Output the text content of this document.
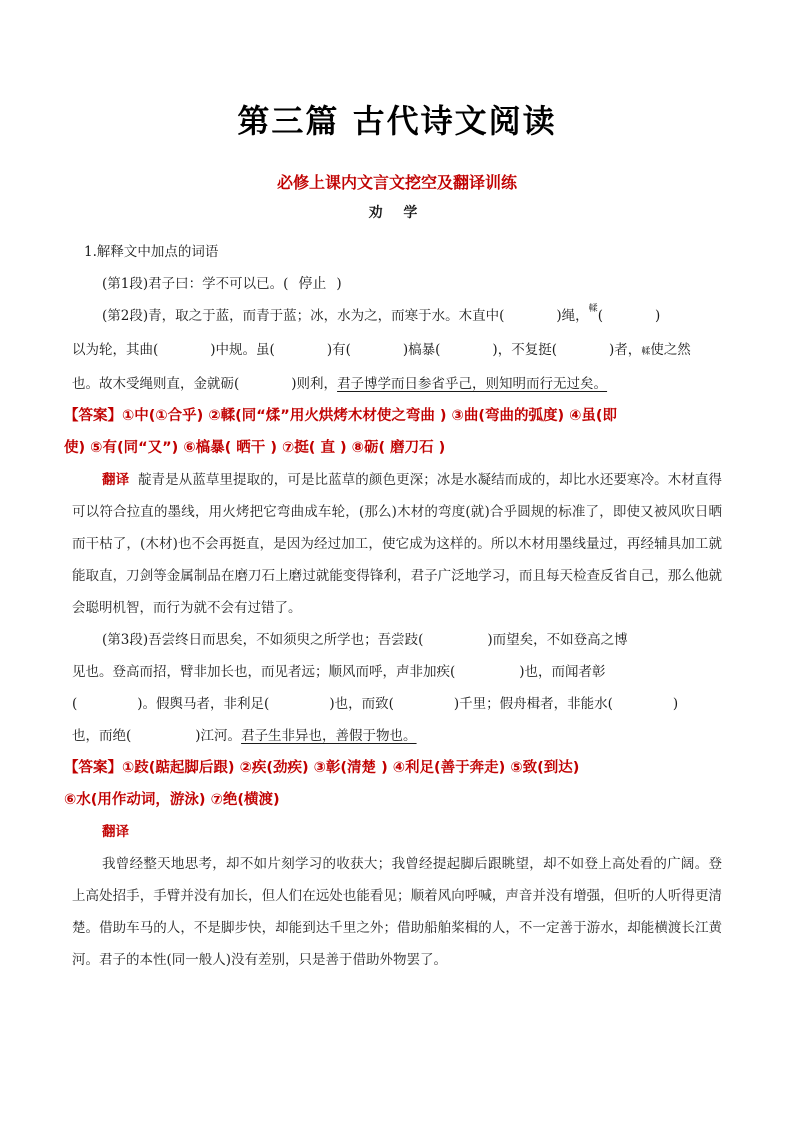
第三篇 古代诗文阅读
必修上课内文言文挖空及翻译训练
劝 学
1.解释文中加点的词语
(第1段)君子曰：学不可以已。( 停止 )
(第2段)青，取之于蓝，而青于蓝；冰，水为之，而寒于水。木直中(	)绳，$^輮$(	)
以为轮，其曲(	)中规。虽(	)有(	)槁暴(	)，不复挺(	)者，輮使之然
也。故木受绳则直，金就砺(	)则利，君子博学而日参省乎己，则知明而行无过矣。
【答案】①中(①合乎) ②輮(同“煣”用火烘烤木材使之弯曲 ) ③曲(弯曲的弧度) ④虽(即
使) ⑤有(同“又”) ⑥槁暴( 晒干 ) ⑦挺( 直 ) ⑧砺( 磨刀石 )
翻译 靛青是从蓝草里提取的，可是比蓝草的颜色更深；冰是水凝结而成的，却比水还要寒冷。木材直得可以符合拉直的墨线，用火烤把它弯曲成车轮，(那么)木材的弯度(就)合乎圆规的标准了，即使又被风吹日晒而干枯了，(木材)也不会再挺直，是因为经过加工，使它成为这样的。所以木材用墨线量过，再经辅具加工就能取直，刀剑等金属制品在磨刀石上磨过就能变得锋利，君子广泛地学习，而且每天检查反省自己，那么他就会聪明机智，而行为就不会有过错了。
(第3段)吾尝终日而思矣，不如须臾之所学也；吾尝跂(	)而望矣，不如登高之博
见也。登高而招，臂非加长也，而见者远；顺风而呼，声非加疾(	)也，而闻者彰
(	)。假舆马者，非利足(	)也，而致(	)千里；假舟楫者，非能水(	)
也，而绝(	)江河。君子生非异也，善假于物也。
【答案】①跂(踮起脚后跟) ②疾(劲疾) ③彰(清楚 ) ④利足(善于奔走) ⑤致(到达)
⑥水(用作动词，游泳) ⑦绝(横渡)
翻译
我曾经整天地思考，却不如片刻学习的收获大；我曾经提起脚后跟眺望，却不如登上高处看的广阔。登上高处招手，手臂并没有加长，但人们在远处也能看见；顺着风向呼喊，声音并没有增强，但听的人听得更清楚。借助车马的人，不是脚步快，却能到达千里之外；借助船舶桨楫的人，不一定善于游水，却能横渡长江黄河。君子的本性(同一般人)没有差别，只是善于借助外物罢了。
